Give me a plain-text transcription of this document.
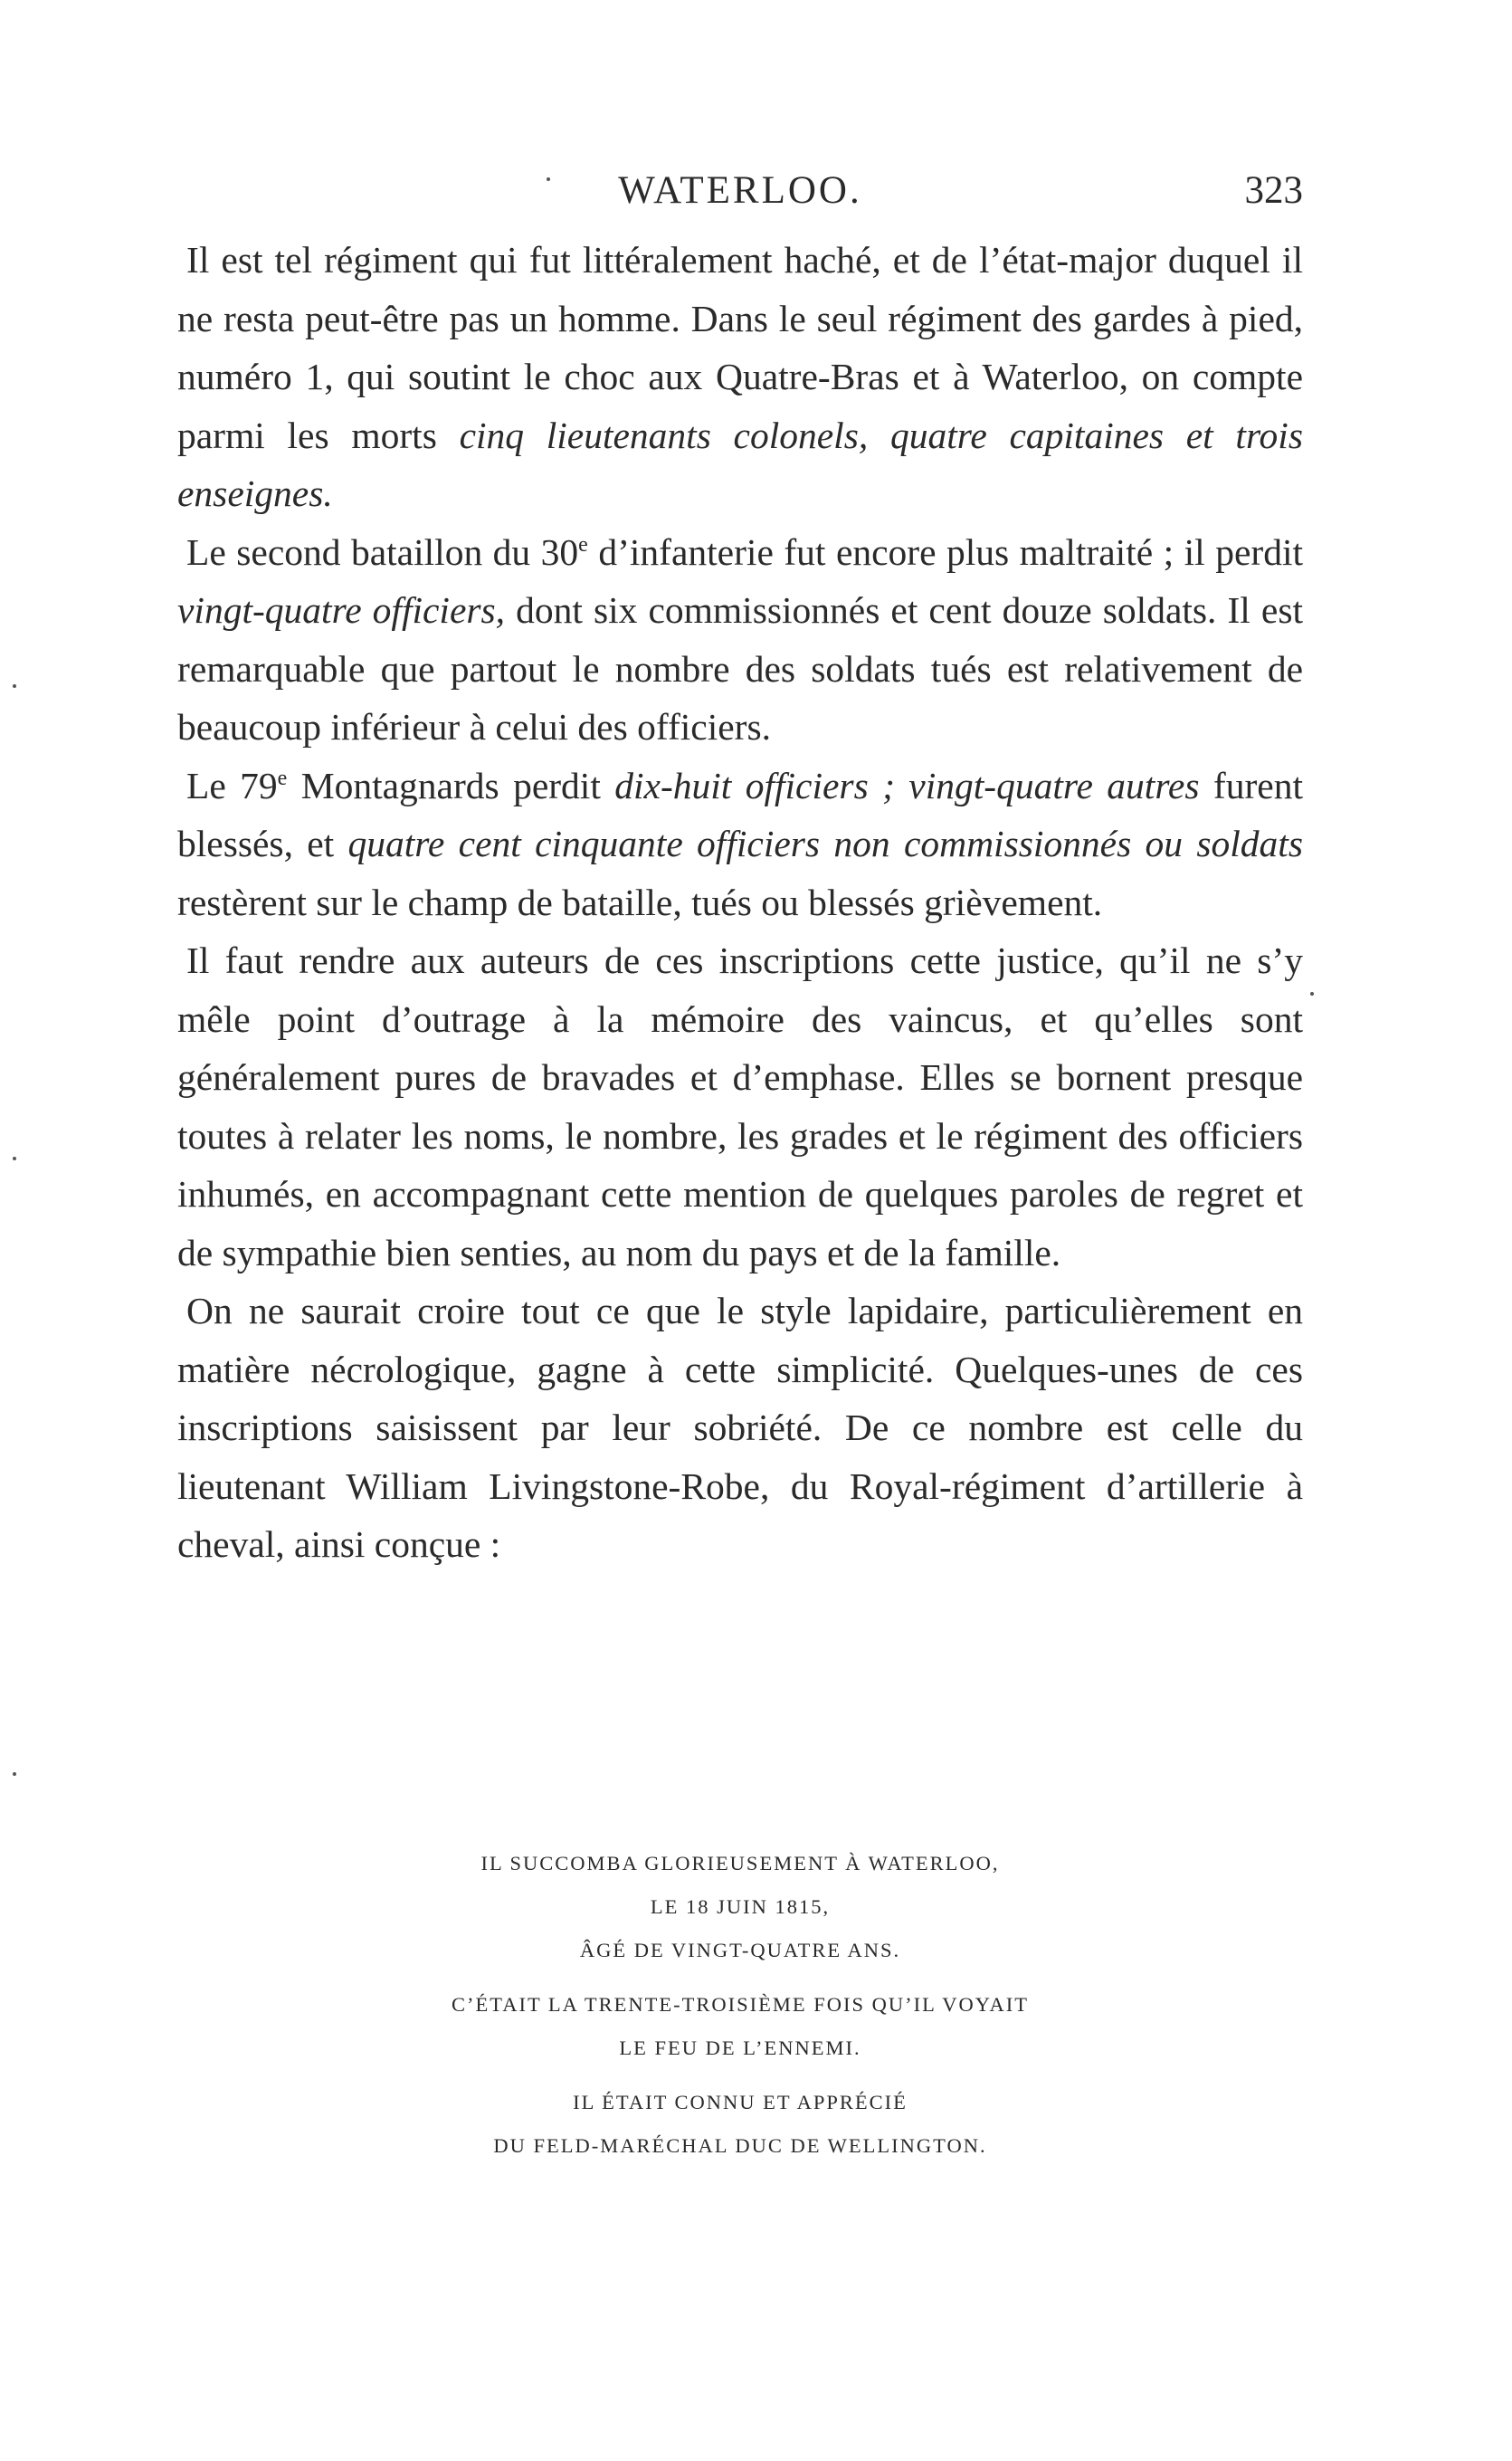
WATERLOO.	323

Il est tel régiment qui fut littéralement haché, et de l’état-major duquel il ne resta peut-être pas un homme. Dans le seul régiment des gardes à pied, numéro 1, qui soutint le choc aux Quatre-Bras et à Waterloo, on compte parmi les morts cinq lieutenants colonels, quatre capitaines et trois enseignes.

Le second bataillon du 30e d’infanterie fut encore plus maltraité ; il perdit vingt-quatre officiers, dont six commissionnés et cent douze soldats. Il est remarquable que partout le nombre des soldats tués est relativement de beaucoup inférieur à celui des officiers.

Le 79e Montagnards perdit dix-huit officiers ; vingt-quatre autres furent blessés, et quatre cent cinquante officiers non commissionnés ou soldats restèrent sur le champ de bataille, tués ou blessés grièvement.

Il faut rendre aux auteurs de ces inscriptions cette justice, qu’il ne s’y mêle point d’outrage à la mémoire des vaincus, et qu’elles sont généralement pures de bravades et d’emphase. Elles se bornent presque toutes à relater les noms, le nombre, les grades et le régiment des officiers inhumés, en accompagnant cette mention de quelques paroles de regret et de sympathie bien senties, au nom du pays et de la famille.

On ne saurait croire tout ce que le style lapidaire, particulièrement en matière nécrologique, gagne à cette simplicité. Quelques-unes de ces inscriptions saisissent par leur sobriété. De ce nombre est celle du lieutenant William Livingstone-Robe, du Royal-régiment d’artillerie à cheval, ainsi conçue :

IL SUCCOMBA GLORIEUSEMENT À WATERLOO,

LE 18 JUIN 1815,

ÂGÉ DE VINGT-QUATRE ANS.

C’ÉTAIT LA TRENTE-TROISIÈME FOIS QU’IL VOYAIT

LE FEU DE L’ENNEMI.

IL ÉTAIT CONNU ET APPRÉCIÉ

DU FELD-MARÉCHAL DUC DE WELLINGTON.
